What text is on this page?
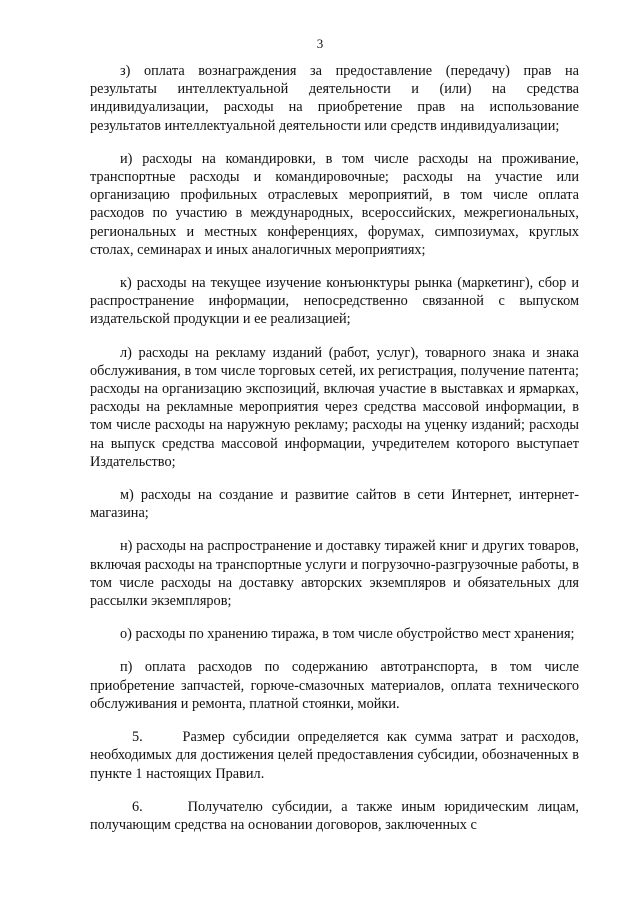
3

з) оплата вознаграждения за предоставление (передачу) прав на результаты интеллектуальной деятельности и (или) на средства индивидуализации, расходы на приобретение прав на использование результатов интеллектуальной деятельности или средств индивидуализации;

и) расходы на командировки, в том числе расходы на проживание, транспортные расходы и командировочные; расходы на участие или организацию профильных отраслевых мероприятий, в том числе оплата расходов по участию в международных, всероссийских, межрегиональных, региональных и местных конференциях, форумах, симпозиумах, круглых столах, семинарах и иных аналогичных мероприятиях;

к) расходы на текущее изучение конъюнктуры рынка (маркетинг), сбор и распространение информации, непосредственно связанной с выпуском издательской продукции и ее реализацией;

л) расходы на рекламу изданий (работ, услуг), товарного знака и знака обслуживания, в том числе торговых сетей, их регистрация, получение патента; расходы на организацию экспозиций, включая участие в выставках и ярмарках, расходы на рекламные мероприятия через средства массовой информации, в том числе расходы на наружную рекламу; расходы на уценку изданий; расходы на выпуск средства массовой информации, учредителем которого выступает Издательство;

м) расходы на создание и развитие сайтов в сети Интернет, интернет-магазина;

н) расходы на распространение и доставку тиражей книг и других товаров, включая расходы на транспортные услуги и погрузочно-разгрузочные работы, в том числе расходы на доставку авторских экземпляров и обязательных для рассылки экземпляров;

о) расходы по хранению тиража, в том числе обустройство мест хранения;

п) оплата расходов по содержанию автотранспорта, в том числе приобретение запчастей, горюче-смазочных материалов, оплата технического обслуживания и ремонта, платной стоянки, мойки.

5.     Размер субсидии определяется как сумма затрат и расходов, необходимых для достижения целей предоставления субсидии, обозначенных в пункте 1 настоящих Правил.

6.     Получателю субсидии, а также иным юридическим лицам, получающим средства на основании договоров, заключенных с
